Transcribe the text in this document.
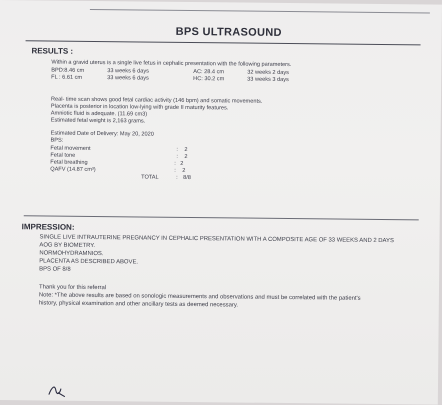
BPS ULTRASOUND
RESULTS :
Within a gravid uterus is a single live fetus in cephalic presentation with the following parameters.
BPD:8.46 cm	33 weeks 6 days	AC: 28.4 cm	32 weeks 2 days
FL : 6.61 cm	33 weeks 6 days	HC: 30.2 cm	33 weeks 3 days
Real- time scan shows good fetal cardiac activity (146 bpm) and somatic movements.
Placenta is posterior in location low-lying with grade II maturity features.
Amniotic fluid is adequate. (11.69 cm3)
Estimated fetal weight is 2,163 grams.
Estimated Date of Delivery: May 20, 2020
BPS:
Fetal movement	: 2
Fetal tone	: 2
Fetal breathing	: 2
QAFV (14.87 cm³)	: 2
TOTAL	: 8/8
IMPRESSION:
SINGLE LIVE INTRAUTERINE PREGNANCY IN CEPHALIC PRESENTATION WITH A COMPOSITE AGE OF 33 WEEKS AND 2 DAYS
AOG BY BIOMETRY.
NORMOHYDRAMNIOS.
PLACENTA AS DESCRIBED ABOVE.
BPS OF 8/8
Thank you for this referral
Note: *The above results are based on sonologic measurements and observations and must be correlated with the patient's
history, physical examination and other ancillary tests as deemed necessary.
